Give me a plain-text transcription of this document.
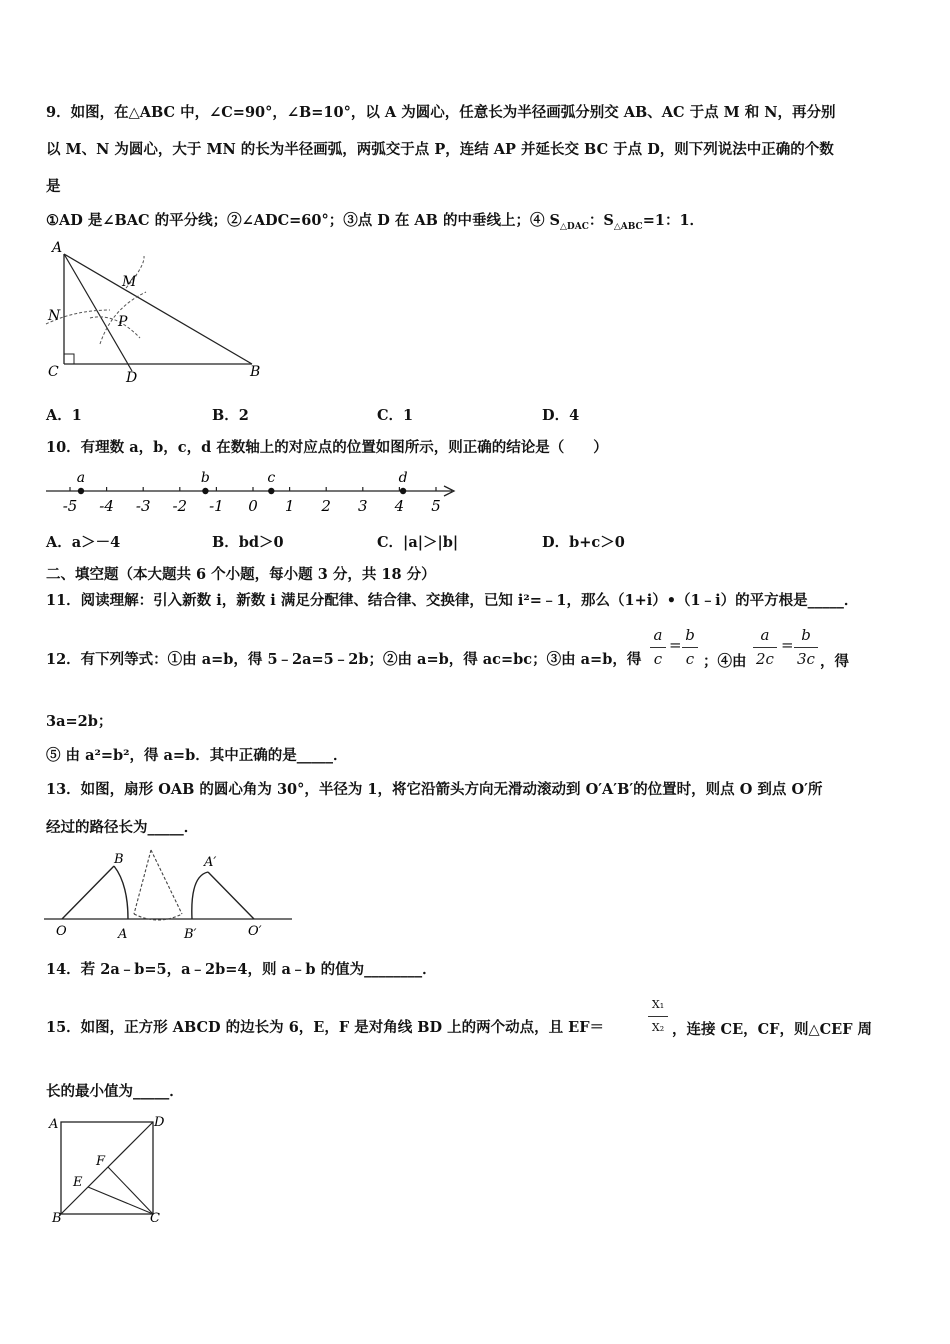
9．如图，在△ABC 中，∠C=90°，∠B=10°，以 A 为圆心，任意长为半径画弧分别交 AB、AC 于点 M 和 N，再分别
以 M、N 为圆心，大于 MN 的长为半径画弧，两弧交于点 P，连结 AP 并延长交 BC 于点 D，则下列说法中正确的个数
是
①AD 是∠BAC 的平分线；②∠ADC=60°；③点 D 在 AB 的中垂线上；④ $S_{\triangle DAC}$：$S_{\triangle ABC}=1$：1．
A
M
N	P
C	D	B
A．1	B．2	C．1	D．4
10．有理数 a，b，c，d 在数轴上的对应点的位置如图所示，则正确的结论是（　　）
-5 -4 -3 -2 -1 0 1 2 3 4 5
a	b	c	d
A．a＞－4	B．bd＞0	C．|a|＞|b|	D．b+c＞0
二、填空题（本大题共 6 个小题，每小题 3 分，共 18 分）
11．阅读理解：引入新数 i，新数 i 满足分配律、结合律、交换律，已知 i²=﹣1，那么（1+i）•（1﹣i）的平方根是_____．
12．有下列等式：①由 a=b，得 5﹣2a=5﹣2b；②由 a=b，得 ac=bc；③由 a=b，得
a
c
=
b
c ；④由
a
2c
=
b
3c ，得
3a=2b；
⑤ 由 a²=b²，得 a=b．其中正确的是_____．
13．如图，扇形 OAB 的圆心角为 30°，半径为 1，将它沿箭头方向无滑动滚动到 O′A′B′的位置时，则点 O 到点 O′所
经过的路径长为_____．
O
B
A	B′
A′
O′
14．若 2a﹣b=5，a﹣2b=4，则 a﹣b 的值为________．
15．如图，正方形 ABCD 的边长为 6，E，F 是对角线 BD 上的两个动点，且 EF＝
X₁
X₂ ，连接 CE，CF，则△CEF 周
长的最小值为_____．
A	D
F
E
B	C
